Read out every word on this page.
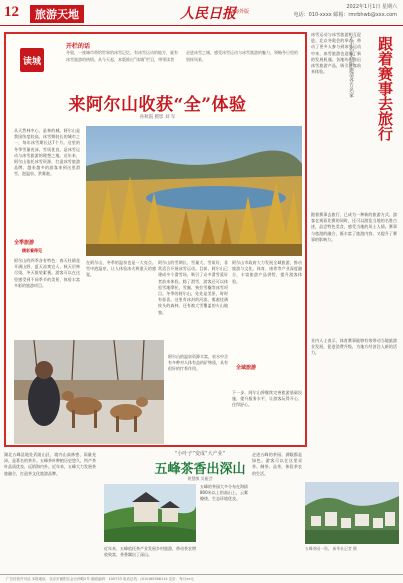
12	旅游天地	人民日报
海外版
2022年1月1日 星期六
电话：010-xxxx 邮箱：rmrbhwb@xxx.com
读城
开栏的话
冬奥，一座城市带给世界的冰雪记忆。有冰雪运动的地方，就有冰雪旅游的热情。从今天起，本版推出“读城”栏目，带领读者走进冰雪之城，感受冰雪运动与冰雪旅游的魅力，领略冬日里的别样风景。
来阿尔山收获“全”体验
孙秋霞 摄影 刘 军
从天然林中心，是林的城。阿尔山是我国纬度较高、冰雪期较长的城市之一，每年冰雪期长达7个月。这里的冬季雪量充沛、雪质优良，是冰雪运动与冰雪旅游的理想之地。近年来，阿尔山依托冰雪资源，打造冰雪旅游品牌，越来越多的游客来到这里滑雪、泡温泉、赏雾凇。
全季旅游
精彩看得见
阿尔山的四季各有特色：春天杜鹃花开满山野，夏天凉爽宜人，秋天层林尽染，冬天银装素裹。游客可以在这里感受到不同季节的美景，体验丰富多彩的旅游项目。
在阿尔山，冬季的温泉也是一大亮点。雪中泡温泉，让人体验冰火两重天的感觉。
阿尔山的雪期长、雪量大、雪质好，非常适合开展冰雪运动。目前，阿尔山已建成多个滑雪场，吸引了众多滑雪爱好者前来体验。除了滑雪，游客还可以体验雪地摩托、雪圈、狗拉雪橇等冰雪项目。冬季的阿尔山，处处是美景，时时有惊喜。这里有冰封的河流、雾凇挂满枝头的森林，还有被大雪覆盖的火山地貌。
阿尔山市政府大力发展全域旅游，推动旅游与文化、体育、康养等产业深度融合，丰富旅游产品供给，提升游客体验。
全域旅游
阿尔山的温泉资源丰富，泉水中含有多种对人体有益的矿物质，具有很好的疗养作用。
下一步，阿尔山将继续完善旅游基础设施，提升服务水平，让游客玩得开心、住得舒心。
大千名家介绍 邀请各方名家	跟着赛事去旅行
冰雪运动与冰雪旅游相互促进。北京冬奥会的举办，带动了更多人参与到冰雪运动中来，冰雪旅游也迎来了新的发展机遇。各地纷纷推出冰雪旅游产品，吸引游客前来体验。
跟着赛事去旅行，已成为一种新的旅游方式。游客在观看比赛的同时，还可以游览当地的名胜古迹，品尝特色美食，感受当地的风土人情。赛事与旅游的融合，既丰富了旅游内容，又提升了赛事的影响力。
业内人士表示，体育赛事能够有效带动当地旅游业发展，促进消费升级，为地方经济注入新的活力。
湖北五峰县地处武陵山区，境内山高林密、雨量充沛，是著名的茶乡。五峰茶叶种植历史悠久，所产茶叶品质优良，远销海内外。近年来，五峰大力发展茶旅融合，打造茶文化旅游品牌。
“小叶子”变成“大产业”
五峰茶香出深山
黄慧敏 吴娅芸
五峰的茶园大多分布在海拔800米以上的高山上，云雾缭绕，生态环境优良。
走进五峰的茶园，满眼都是绿色。游客可以在这里采茶、制茶、品茶，体验茶农的生活。
近年来，五峰依托茶产业发展乡村旅游，带动茶农增收致富，茶香飘出了深山。
五峰茶园一角。 新华社记者 摄
广告经营许可证 本报地址：北京市朝阳区金台西路2号 邮政编码：100733 电话总机：(010)65368114 定价：每月xx元
